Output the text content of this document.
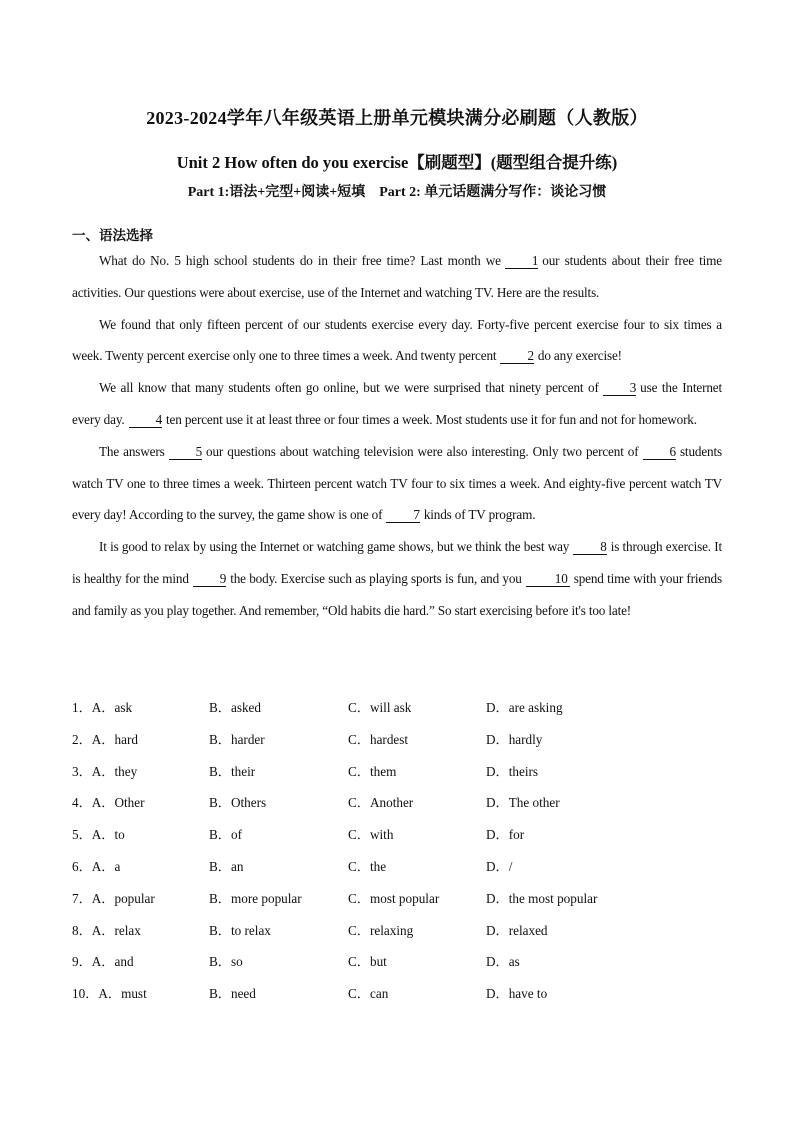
2023-2024学年八年级英语上册单元模块满分必刷题（人教版）
Unit 2 How often do you exercise【刷题型】(题型组合提升练)
Part 1:语法+完型+阅读+短填 Part 2: 单元话题满分写作：谈论习惯
一、语法选择

What do No. 5 high school students do in their free time? Last month we 1 our students about their free time activities. Our questions were about exercise, use of the Internet and watching TV. Here are the results.

We found that only fifteen percent of our students exercise every day. Forty-five percent exercise four to six times a week. Twenty percent exercise only one to three times a week. And twenty percent 2 do any exercise!

We all know that many students often go online, but we were surprised that ninety percent of 3 use the Internet every day. 4 ten percent use it at least three or four times a week. Most students use it for fun and not for homework.

The answers 5 our questions about watching television were also interesting. Only two percent of 6 students watch TV one to three times a week. Thirteen percent watch TV four to six times a week. And eighty-five percent watch TV every day! According to the survey, the game show is one of 7 kinds of TV program.

It is good to relax by using the Internet or watching game shows, but we think the best way 8 is through exercise. It is healthy for the mind 9 the body. Exercise such as playing sports is fun, and you	10 spend time with your friends and family as you play together. And remember, “Old habits die hard.” So start exercising before it's too late!

1．A．ask	B．asked	C．will ask	D．are asking
2．A．hard	B．harder	C．hardest	D．hardly
3．A．they	B．their	C．them	D．theirs
4．A．Other	B．Others	C．Another	D．The other
5．A．to	B．of	C．with	D．for
6．A．a	B．an	C．the	D．/
7．A．popular	B．more popular	C．most popular	D．the most popular
8．A．relax	B．to relax	C．relaxing	D．relaxed
9．A．and	B．so	C．but	D．as
10．A．must	B．need	C．can	D．have to
